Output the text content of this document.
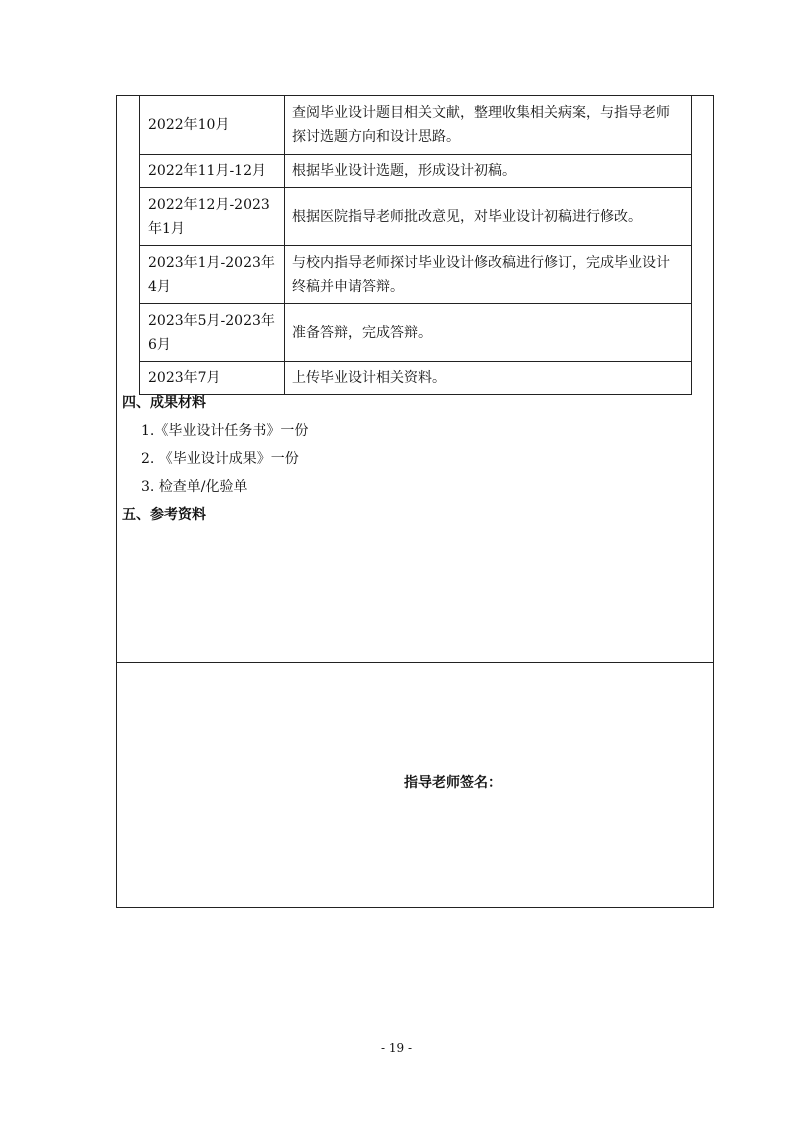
2022年10月	查阅毕业设计题目相关文献，整理收集相关病案，与指导老师探讨选题方向和设计思路。
2022年11月-12月	根据毕业设计选题，形成设计初稿。
2022年12月-2023年1月	根据医院指导老师批改意见，对毕业设计初稿进行修改。
2023年1月-2023年4月	与校内指导老师探讨毕业设计修改稿进行修订，完成毕业设计终稿并申请答辩。
2023年5月-2023年6月	准备答辩，完成答辩。
2023年7月	上传毕业设计相关资料。
四、成果材料
1.《毕业设计任务书》一份
2. 《毕业设计成果》一份
3. 检查单/化验单
五、参考资料
指导老师签名：
- 19 -
